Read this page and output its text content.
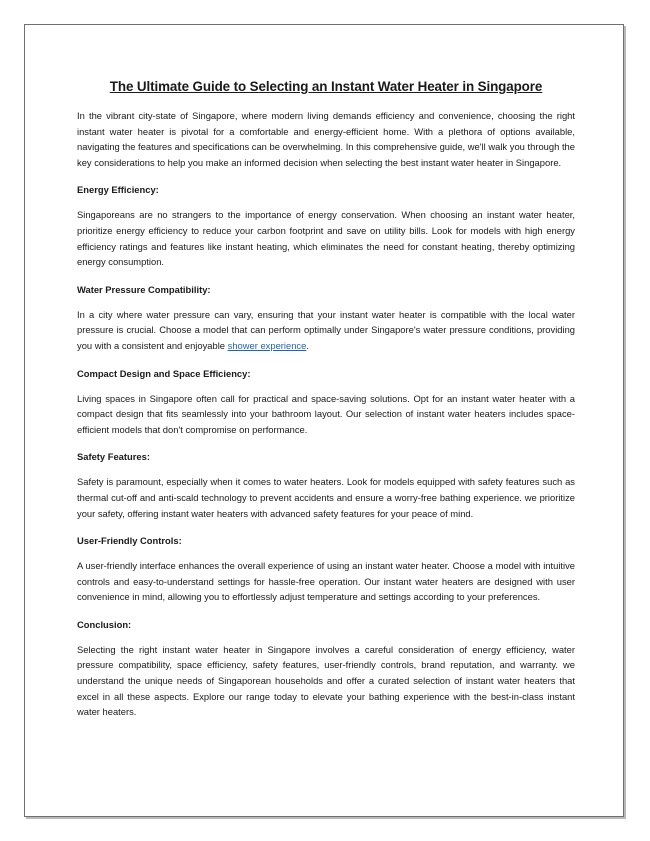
The Ultimate Guide to Selecting an Instant Water Heater in Singapore

In the vibrant city-state of Singapore, where modern living demands efficiency and convenience, choosing the right instant water heater is pivotal for a comfortable and energy-efficient home. With a plethora of options available, navigating the features and specifications can be overwhelming. In this comprehensive guide, we'll walk you through the key considerations to help you make an informed decision when selecting the best instant water heater in Singapore.

Energy Efficiency:

Singaporeans are no strangers to the importance of energy conservation. When choosing an instant water heater, prioritize energy efficiency to reduce your carbon footprint and save on utility bills. Look for models with high energy efficiency ratings and features like instant heating, which eliminates the need for constant heating, thereby optimizing energy consumption.

Water Pressure Compatibility:

In a city where water pressure can vary, ensuring that your instant water heater is compatible with the local water pressure is crucial. Choose a model that can perform optimally under Singapore's water pressure conditions, providing you with a consistent and enjoyable shower experience.

Compact Design and Space Efficiency:

Living spaces in Singapore often call for practical and space-saving solutions. Opt for an instant water heater with a compact design that fits seamlessly into your bathroom layout. Our selection of instant water heaters includes space-efficient models that don't compromise on performance.

Safety Features:

Safety is paramount, especially when it comes to water heaters. Look for models equipped with safety features such as thermal cut-off and anti-scald technology to prevent accidents and ensure a worry-free bathing experience. we prioritize your safety, offering instant water heaters with advanced safety features for your peace of mind.

User-Friendly Controls:

A user-friendly interface enhances the overall experience of using an instant water heater. Choose a model with intuitive controls and easy-to-understand settings for hassle-free operation. Our instant water heaters are designed with user convenience in mind, allowing you to effortlessly adjust temperature and settings according to your preferences.

Conclusion:

Selecting the right instant water heater in Singapore involves a careful consideration of energy efficiency, water pressure compatibility, space efficiency, safety features, user-friendly controls, brand reputation, and warranty. we understand the unique needs of Singaporean households and offer a curated selection of instant water heaters that excel in all these aspects. Explore our range today to elevate your bathing experience with the best-in-class instant water heaters.
